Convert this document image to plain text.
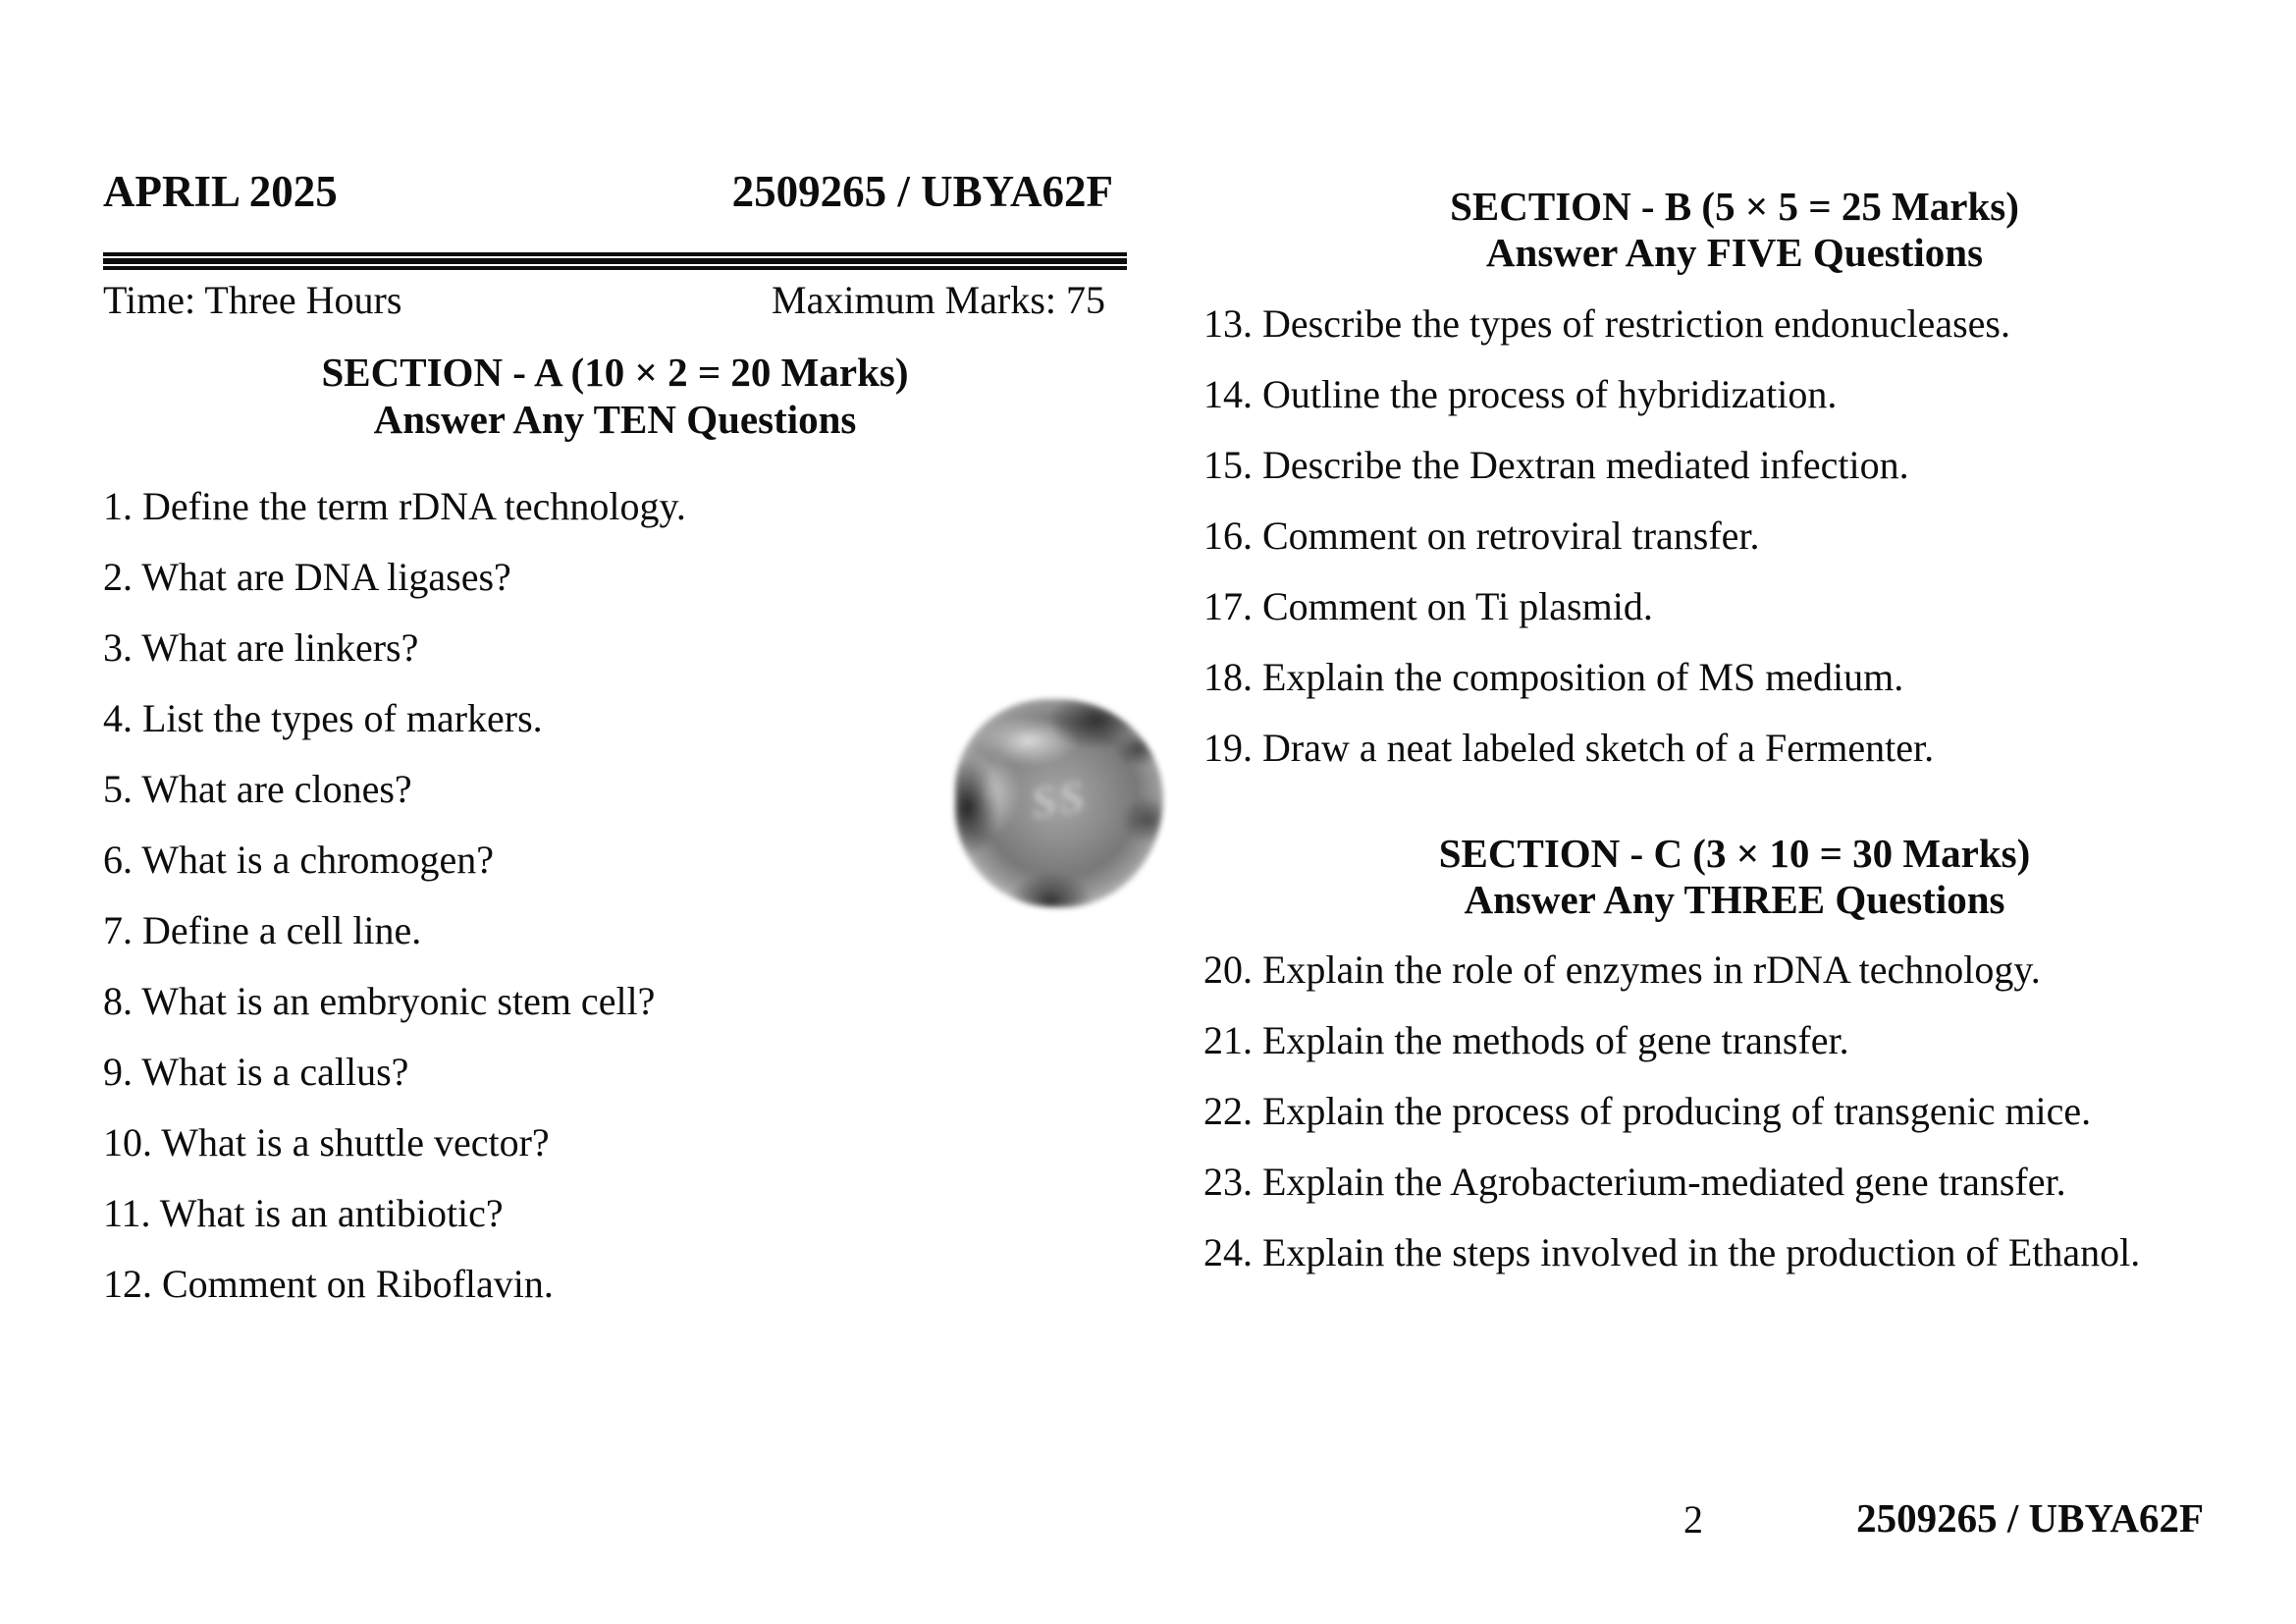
APRIL 2025	2509265 / UBYA62F
Time: Three Hours	Maximum Marks: 75
SECTION - A (10 × 2 = 20 Marks)
Answer Any TEN Questions

1. Define the term rDNA technology.

2. What are DNA ligases?

3. What are linkers?

4. List the types of markers.

5. What are clones?

6. What is a chromogen?

7. Define a cell line.

8. What is an embryonic stem cell?

9. What is a callus?

10. What is a shuttle vector?

11. What is an antibiotic?

12. Comment on Riboflavin.

SECTION - B (5 × 5 = 25 Marks)
Answer Any FIVE Questions

13. Describe the types of restriction endonucleases.

14. Outline the process of hybridization.

15. Describe the Dextran mediated infection.

16. Comment on retroviral transfer.

17. Comment on Ti plasmid.

18. Explain the composition of MS medium.

19. Draw a neat labeled sketch of a Fermenter.

SECTION - C (3 × 10 = 30 Marks)
Answer Any THREE Questions

20. Explain the role of enzymes in rDNA technology.

21. Explain the methods of gene transfer.

22. Explain the process of producing of transgenic mice.

23. Explain the Agrobacterium-mediated gene transfer.

24. Explain the steps involved in the production of Ethanol.

SS
2	2509265 / UBYA62F
